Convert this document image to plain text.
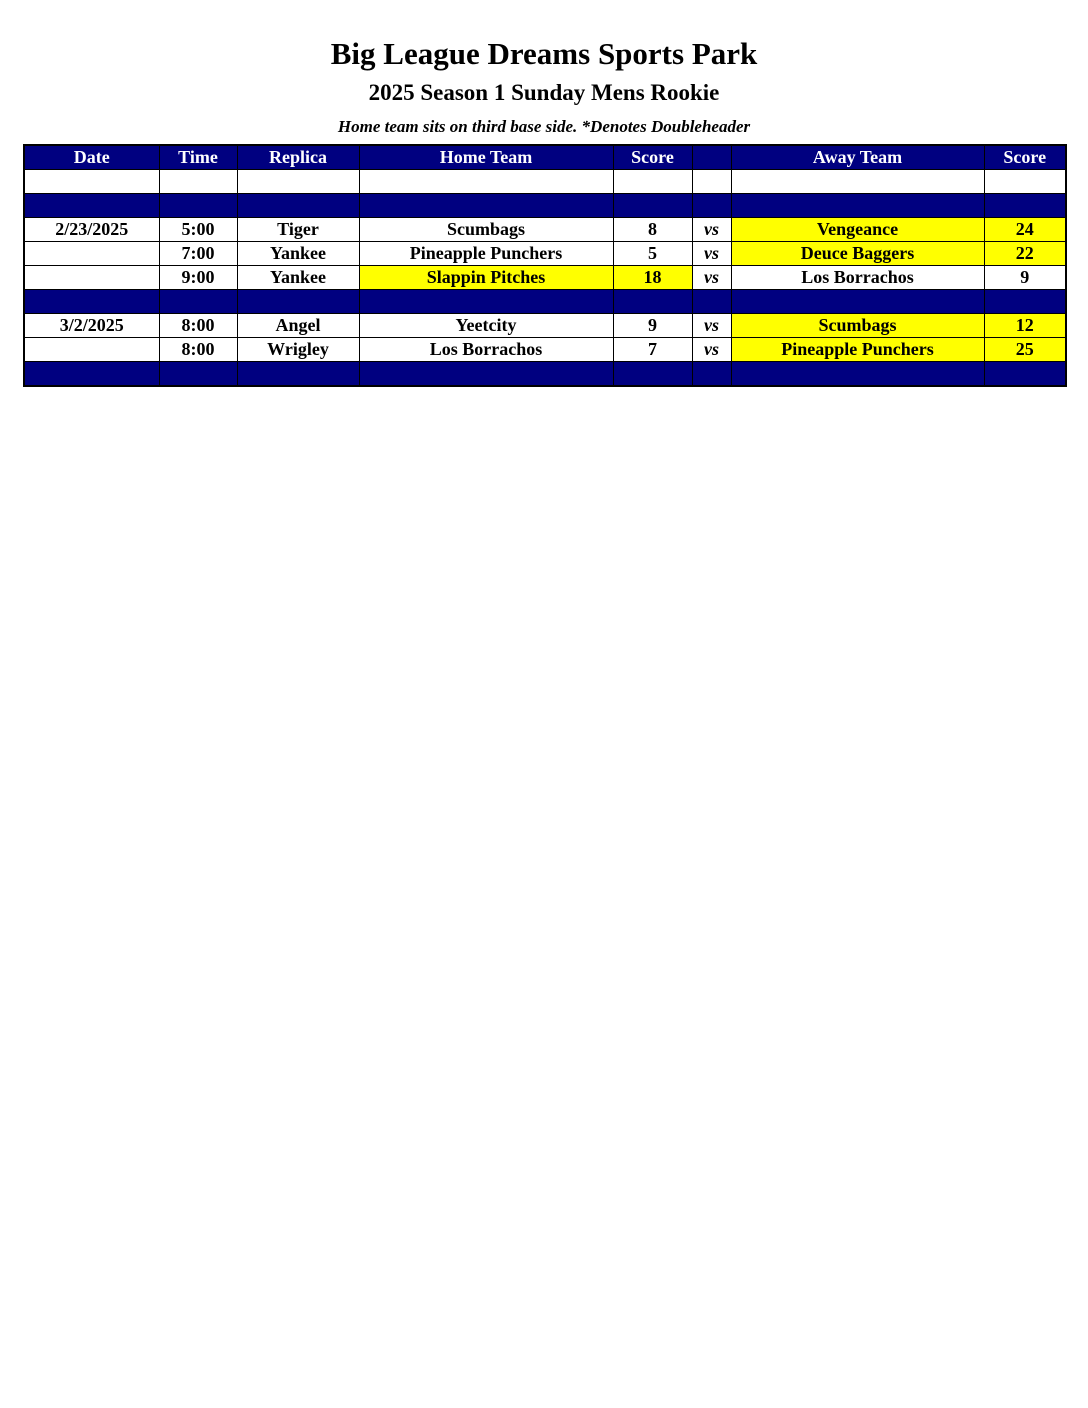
Big League Dreams Sports Park
2025 Season 1 Sunday Mens Rookie
Home team sits on third base side. *Denotes Doubleheader
Date	Time	Replica	Home Team	Score		Away Team	Score

2/23/2025	5:00	Tiger	Scumbags	8	vs	Vengeance	24
	7:00	Yankee	Pineapple Punchers	5	vs	Deuce Baggers	22
	9:00	Yankee	Slappin Pitches	18	vs	Los Borrachos	9

3/2/2025	8:00	Angel	Yeetcity	9	vs	Scumbags	12
	8:00	Wrigley	Los Borrachos	7	vs	Pineapple Punchers	25
